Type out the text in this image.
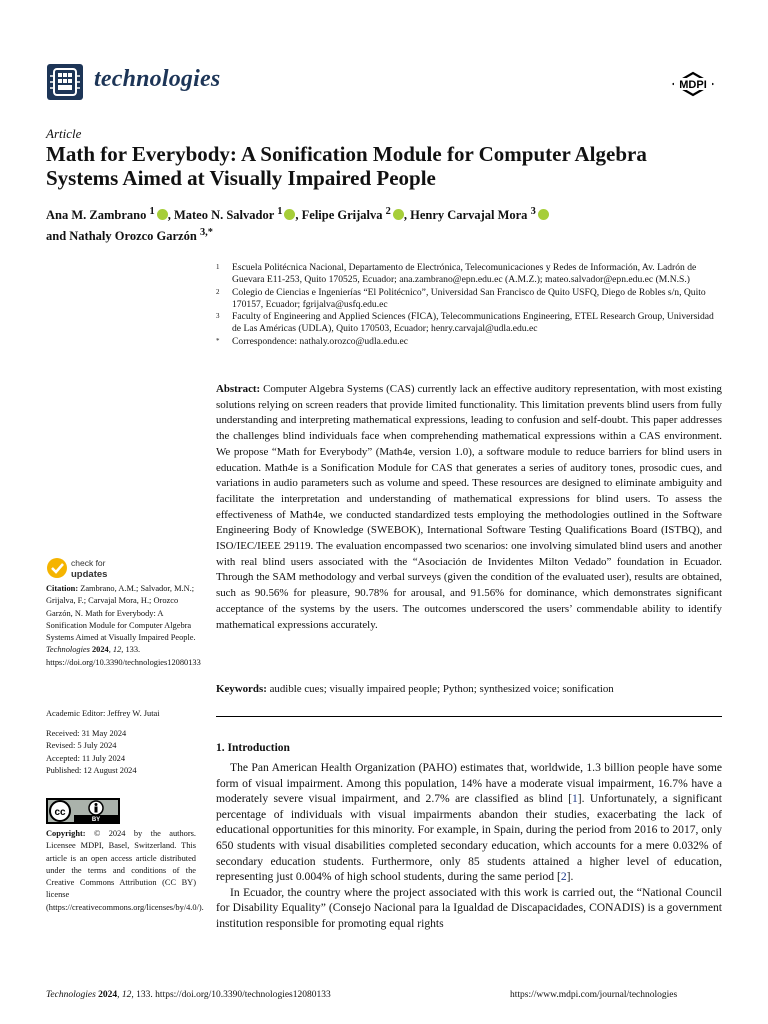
technologies	MDPI
Article
Math for Everybody: A Sonification Module for Computer Algebra Systems Aimed at Visually Impaired People
Ana M. Zambrano $^1$ , Mateo N. Salvador $^1$ , Felipe Grijalva $^2$ , Henry Carvajal Mora $^3$
and Nathaly Orozco Garzón $^{3,*}$

1 Escuela Politécnica Nacional, Departamento de Electrónica, Telecomunicaciones y Redes de Información, Av. Ladrón de Guevara E11-253, Quito 170525, Ecuador; ana.zambrano@epn.edu.ec (A.M.Z.); mateo.salvador@epn.edu.ec (M.N.S.)

2 Colegio de Ciencias e Ingenierías “El Politécnico”, Universidad San Francisco de Quito USFQ, Diego de Robles s/n, Quito 170157, Ecuador; fgrijalva@usfq.edu.ec

3 Faculty of Engineering and Applied Sciences (FICA), Telecommunications Engineering, ETEL Research Group, Universidad de Las Américas (UDLA), Quito 170503, Ecuador; henry.carvajal@udla.edu.ec

* Correspondence: nathaly.orozco@udla.edu.ec

Abstract: Computer Algebra Systems (CAS) currently lack an effective auditory representation, with most existing solutions relying on screen readers that provide limited functionality. This limitation prevents blind users from fully understanding and interpreting mathematical expressions, leading to confusion and self-doubt. This paper addresses the challenges blind individuals face when comprehending mathematical expressions within a CAS environment. We propose “Math for Everybody” (Math4e, version 1.0), a software module to reduce barriers for blind users in education. Math4e is a Sonification Module for CAS that generates a series of auditory tones, prosodic cues, and variations in audio parameters such as volume and speed. These resources are designed to eliminate ambiguity and facilitate the interpretation and understanding of mathematical expressions for blind users. To assess the effectiveness of Math4e, we conducted standardized tests employing the methodologies outlined in the Software Engineering Body of Knowledge (SWEBOK), International Software Testing Qualifications Board (ISTBQ), and ISO/IEC/IEEE 29119. The evaluation encompassed two scenarios: one involving simulated blind users and another with real blind users associated with the “Asociación de Invidentes Milton Vedado” foundation in Ecuador. Through the SAM methodology and verbal surveys (given the condition of the evaluated user), results are obtained, such as 90.56% for pleasure, 90.78% for arousal, and 91.56% for dominance, which demonstrates significant acceptance of the systems by the users. The outcomes underscored the users’ commendable ability to identify mathematical expressions accurately.
Keywords: audible cues; visually impaired people; Python; synthesized voice; sonification
1. Introduction

The Pan American Health Organization (PAHO) estimates that, worldwide, 1.3 billion people have some form of visual impairment. Among this population, 14% have a moderate visual impairment, 16.7% have a moderately severe visual impairment, and 2.7% are classified as blind [1]. Unfortunately, a significant percentage of individuals with visual impairments abandon their studies, exacerbating the lack of educational opportunities for this minority. For example, in Spain, during the period from 2016 to 2017, only 650 students with visual disabilities completed secondary education, which accounts for a mere 0.032% of secondary education students. Furthermore, only 85 students attained a higher level of education, representing just 0.004% of high school students, during the same period [2].

In Ecuador, the country where the project associated with this work is carried out, the “National Council for Disability Equality” (Consejo Nacional para la Igualdad de Discapacidades, CONADIS) is a government institution responsible for promoting equal rights

check for
updates
Citation: Zambrano, A.M.; Salvador, M.N.; Grijalva, F.; Carvajal Mora, H.; Orozco Garzón, N. Math for Everybody: A Sonification Module for Computer Algebra Systems Aimed at Visually Impaired People. Technologies 2024, 12, 133. https://doi.org/10.3390/technologies12080133
Academic Editor: Jeffrey W. Jutai
Received: 31 May 2024
Revised: 5 July 2024
Accepted: 11 July 2024
Published: 12 August 2024
cc
BY
Copyright: © 2024 by the authors. Licensee MDPI, Basel, Switzerland. This article is an open access article distributed under the terms and conditions of the Creative Commons Attribution (CC BY) license (https://creativecommons.org/licenses/by/4.0/).
Technologies 2024, 12, 133. https://doi.org/10.3390/technologies12080133	https://www.mdpi.com/journal/technologies
